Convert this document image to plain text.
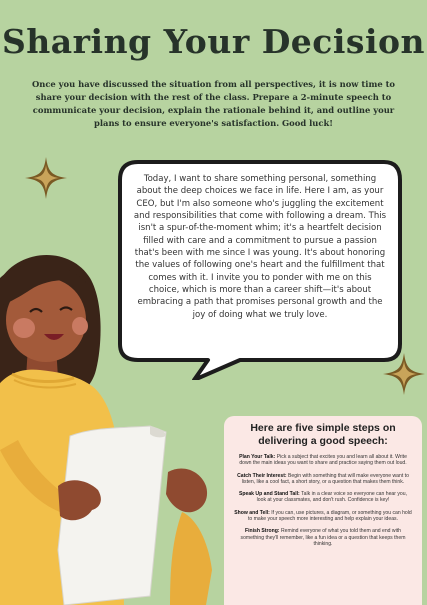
Sharing Your Decision
Once you have discussed the situation from all perspectives, it is now time to share your decision with the rest of the class. Prepare a 2-minute speech to communicate your decision, explain the rationale behind it, and outline your plans to ensure everyone's satisfaction. Good luck!
Today, I want to share something personal, something about the deep choices we face in life. Here I am, as your CEO, but I'm also someone who's juggling the excitement and responsibilities that come with following a dream. This isn't a spur-of-the-moment whim; it's a heartfelt decision filled with care and a commitment to pursue a passion that's been with me since I was young. It's about honoring the values of following one's heart and the fulfillment that comes with it. I invite you to ponder with me on this choice, which is more than a career shift—it's about embracing a path that promises personal growth and the joy of doing what we truly love.
Here are five simple steps on delivering a good speech:
Plan Your Talk: Pick a subject that excites you and learn all about it. Write down the main ideas you want to share and practice saying them out loud.
Catch Their Interest: Begin with something that will make everyone want to listen, like a cool fact, a short story, or a question that makes them think.
Speak Up and Stand Tall: Talk in a clear voice so everyone can hear you, look at your classmates, and don't rush. Confidence is key!
Show and Tell: If you can, use pictures, a diagram, or something you can hold to make your speech more interesting and help explain your ideas.
Finish Strong: Remind everyone of what you told them and end with something they'll remember, like a fun idea or a question that keeps them thinking.
